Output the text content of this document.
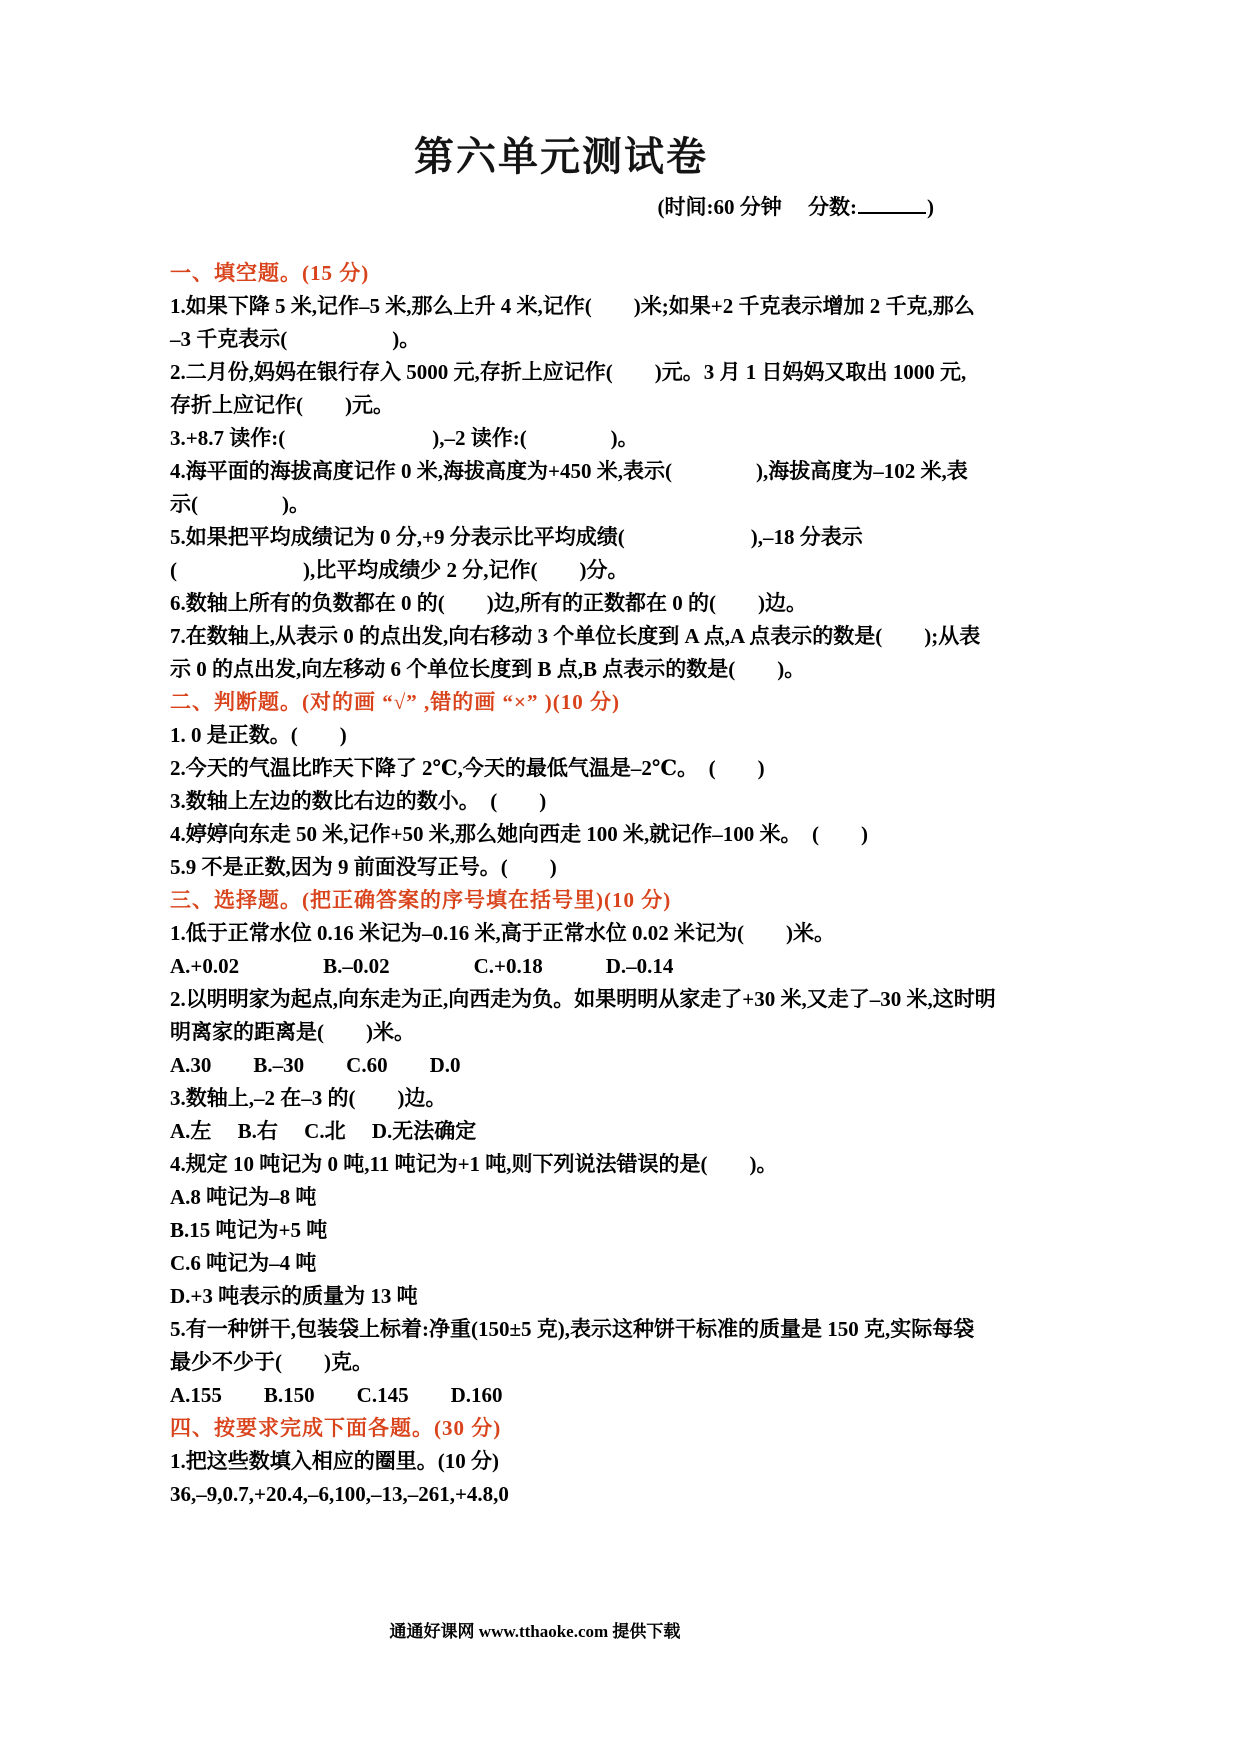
第六单元测试卷
(时间:60 分钟　 分数:	)

一、填空题。(15 分)

1.如果下降 5 米,记作–5 米,那么上升 4 米,记作(　　)米;如果+2 千克表示增加 2 千克,那么

–3 千克表示(　　　　　)。

2.二月份,妈妈在银行存入 5000 元,存折上应记作(　　)元。3 月 1 日妈妈又取出 1000 元,

存折上应记作(　　)元。

3.+8.7 读作:(　　　　　　　),–2 读作:(　　　　)。

4.海平面的海拔高度记作 0 米,海拔高度为+450 米,表示(　　　　),海拔高度为–102 米,表

示(　　　　)。

5.如果把平均成绩记为 0 分,+9 分表示比平均成绩(　　　　　　),–18 分表示

(　　　　　　),比平均成绩少 2 分,记作(　　)分。

6.数轴上所有的负数都在 0 的(　　)边,所有的正数都在 0 的(　　)边。

7.在数轴上,从表示 0 的点出发,向右移动 3 个单位长度到 A 点,A 点表示的数是(　　);从表

示 0 的点出发,向左移动 6 个单位长度到 B 点,B 点表示的数是(　　)。

二、判断题。(对的画 “√” ,错的画 “×” )(10 分)

1. 0 是正数。(　　)

2.今天的气温比昨天下降了 2℃,今天的最低气温是–2℃。　(　　)

3.数轴上左边的数比右边的数小。　(　　)

4.婷婷向东走 50 米,记作+50 米,那么她向西走 100 米,就记作–100 米。　(　　)

5.9 不是正数,因为 9 前面没写正号。(　　)

三、选择题。(把正确答案的序号填在括号里)(10 分)

1.低于正常水位 0.16 米记为–0.16 米,高于正常水位 0.02 米记为(　　)米。

A.+0.02　　　　B.–0.02　　　　C.+0.18　　　D.–0.14

2.以明明家为起点,向东走为正,向西走为负。如果明明从家走了+30 米,又走了–30 米,这时明

明离家的距离是(　　)米。

A.30　　B.–30　　C.60　　D.0

3.数轴上,–2 在–3 的(　　)边。

A.左　 B.右　 C.北　 D.无法确定

4.规定 10 吨记为 0 吨,11 吨记为+1 吨,则下列说法错误的是(　　)。

A.8 吨记为–8 吨

B.15 吨记为+5 吨

C.6 吨记为–4 吨

D.+3 吨表示的质量为 13 吨

5.有一种饼干,包装袋上标着:净重(150±5 克),表示这种饼干标准的质量是 150 克,实际每袋

最少不少于(　　)克。

A.155　　B.150　　C.145　　D.160

四、按要求完成下面各题。(30 分)

1.把这些数填入相应的圈里。(10 分)

36,–9,0.7,+20.4,–6,100,–13,–261,+4.8,0

通通好课网 www.tthaoke.com 提供下载
